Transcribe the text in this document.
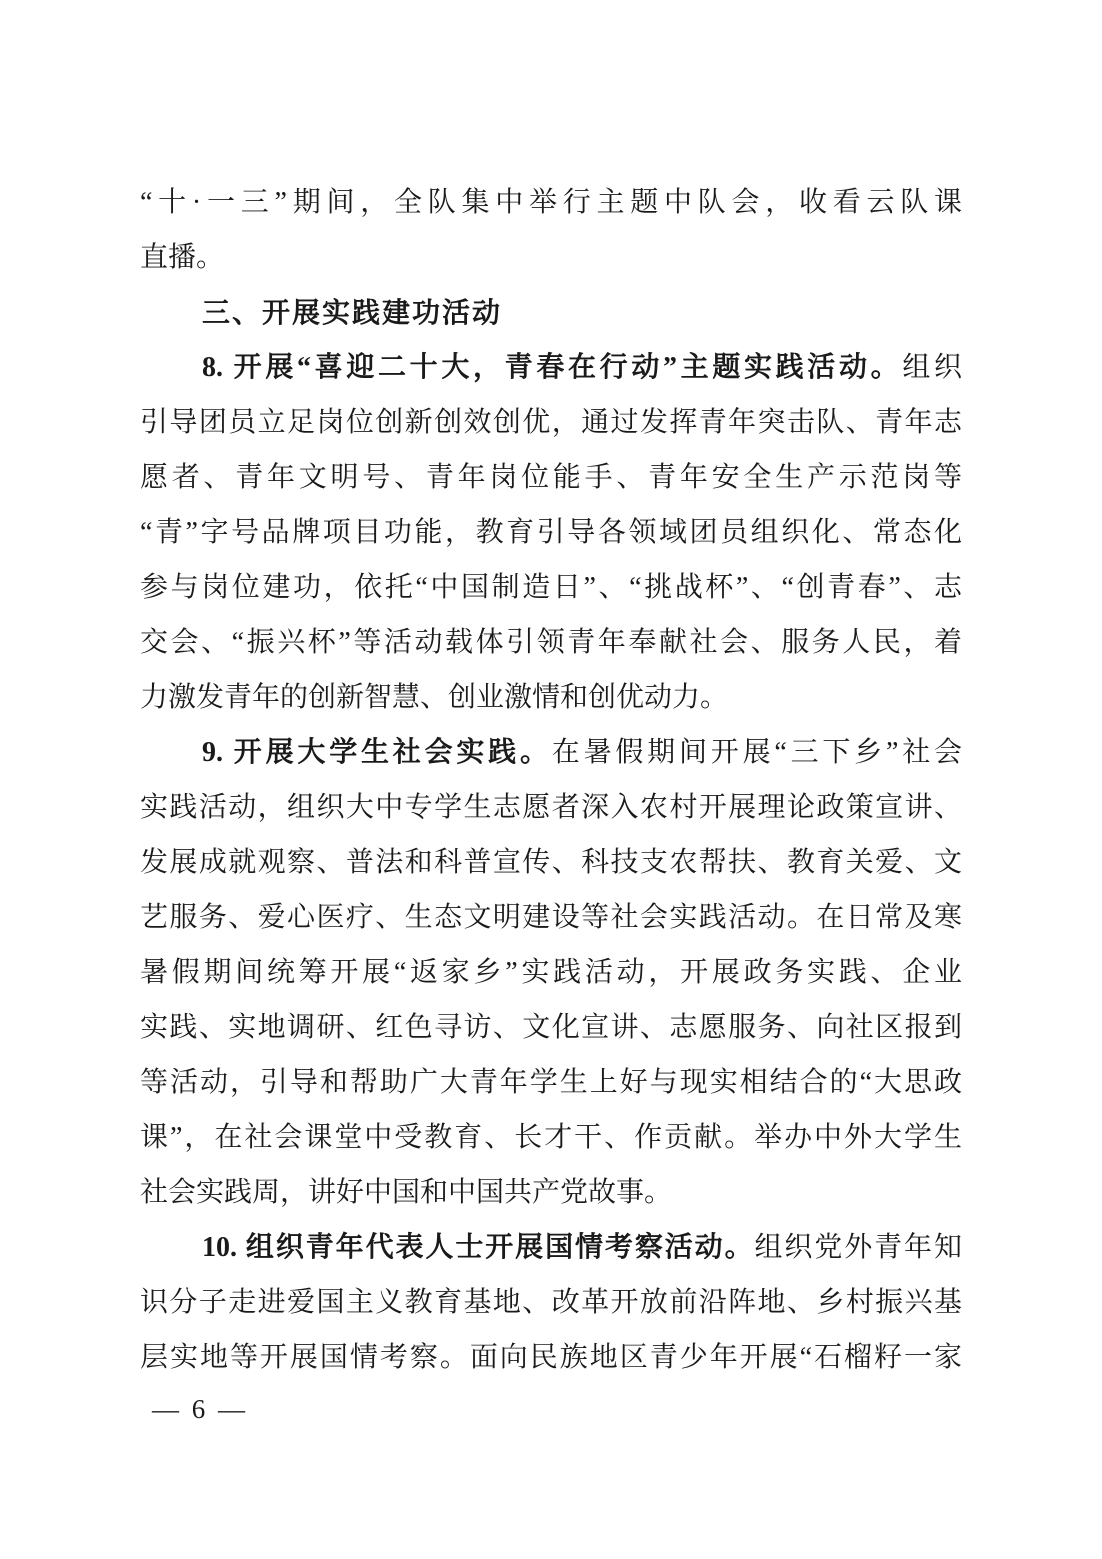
“十·一三”期间，全队集中举行主题中队会，收看云队课
直播。
三、开展实践建功活动
8. 开展“喜迎二十大，青春在行动”主题实践活动。组织
引导团员立足岗位创新创效创优，通过发挥青年突击队、青年志
愿者、青年文明号、青年岗位能手、青年安全生产示范岗等
“青”字号品牌项目功能，教育引导各领域团员组织化、常态化
参与岗位建功，依托“中国制造日”、“挑战杯”、“创青春”、志
交会、“振兴杯”等活动载体引领青年奉献社会、服务人民，着
力激发青年的创新智慧、创业激情和创优动力。
9. 开展大学生社会实践。在暑假期间开展“三下乡”社会
实践活动，组织大中专学生志愿者深入农村开展理论政策宣讲、
发展成就观察、普法和科普宣传、科技支农帮扶、教育关爱、文
艺服务、爱心医疗、生态文明建设等社会实践活动。在日常及寒
暑假期间统筹开展“返家乡”实践活动，开展政务实践、企业
实践、实地调研、红色寻访、文化宣讲、志愿服务、向社区报到
等活动，引导和帮助广大青年学生上好与现实相结合的“大思政
课”，在社会课堂中受教育、长才干、作贡献。举办中外大学生
社会实践周，讲好中国和中国共产党故事。
10. 组织青年代表人士开展国情考察活动。组织党外青年知
识分子走进爱国主义教育基地、改革开放前沿阵地、乡村振兴基
层实地等开展国情考察。面向民族地区青少年开展“石榴籽一家
— 6 —
